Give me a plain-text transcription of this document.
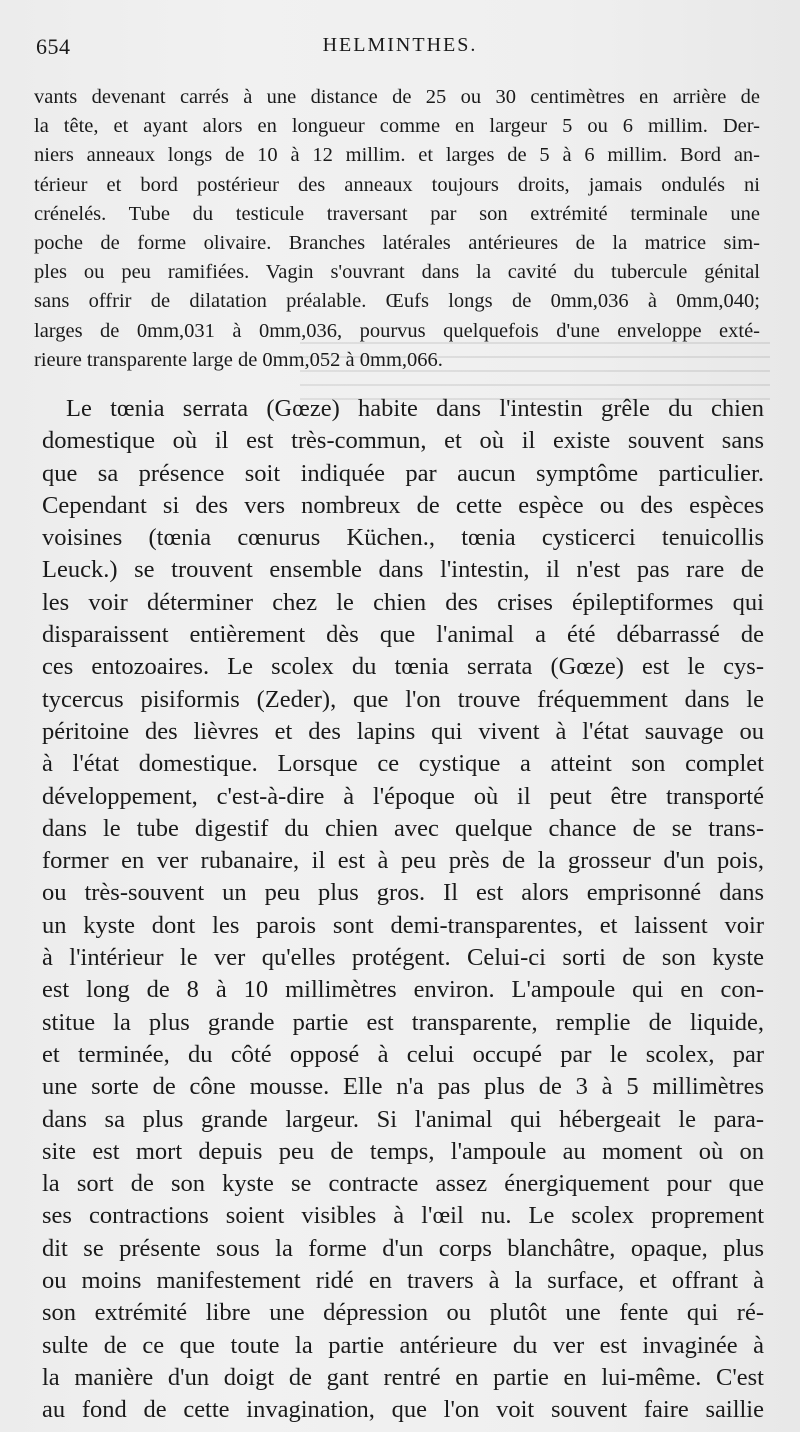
654	HELMINTHES.
vants devenant carrés à une distance de 25 ou 30 centimètres en arrière de
la tête, et ayant alors en longueur comme en largeur 5 ou 6 millim. Der-
niers anneaux longs de 10 à 12 millim. et larges de 5 à 6 millim. Bord an-
térieur et bord postérieur des anneaux toujours droits, jamais ondulés ni
crénelés. Tube du testicule traversant par son extrémité terminale une
poche de forme olivaire. Branches latérales antérieures de la matrice sim-
ples ou peu ramifiées. Vagin s'ouvrant dans la cavité du tubercule génital
sans offrir de dilatation préalable. Œufs longs de 0mm,036 à 0mm,040;
larges de 0mm,031 à 0mm,036, pourvus quelquefois d'une enveloppe exté-
rieure transparente large de 0mm,052 à 0mm,066.
Le tœnia serrata (Gœze) habite dans l'intestin grêle du chien
domestique où il est très-commun, et où il existe souvent sans
que sa présence soit indiquée par aucun symptôme particulier.
Cependant si des vers nombreux de cette espèce ou des espèces
voisines (tœnia cœnurus Küchen., tœnia cysticerci tenuicollis
Leuck.) se trouvent ensemble dans l'intestin, il n'est pas rare de
les voir déterminer chez le chien des crises épileptiformes qui
disparaissent entièrement dès que l'animal a été débarrassé de
ces entozoaires. Le scolex du tœnia serrata (Gœze) est le cys-
tycercus pisiformis (Zeder), que l'on trouve fréquemment dans le
péritoine des lièvres et des lapins qui vivent à l'état sauvage ou
à l'état domestique. Lorsque ce cystique a atteint son complet
développement, c'est-à-dire à l'époque où il peut être transporté
dans le tube digestif du chien avec quelque chance de se trans-
former en ver rubanaire, il est à peu près de la grosseur d'un pois,
ou très-souvent un peu plus gros. Il est alors emprisonné dans
un kyste dont les parois sont demi-transparentes, et laissent voir
à l'intérieur le ver qu'elles protégent. Celui-ci sorti de son kyste
est long de 8 à 10 millimètres environ. L'ampoule qui en con-
stitue la plus grande partie est transparente, remplie de liquide,
et terminée, du côté opposé à celui occupé par le scolex, par
une sorte de cône mousse. Elle n'a pas plus de 3 à 5 millimètres
dans sa plus grande largeur. Si l'animal qui hébergeait le para-
site est mort depuis peu de temps, l'ampoule au moment où on
la sort de son kyste se contracte assez énergiquement pour que
ses contractions soient visibles à l'œil nu. Le scolex proprement
dit se présente sous la forme d'un corps blanchâtre, opaque, plus
ou moins manifestement ridé en travers à la surface, et offrant à
son extrémité libre une dépression ou plutôt une fente qui ré-
sulte de ce que toute la partie antérieure du ver est invaginée à
la manière d'un doigt de gant rentré en partie en lui-même. C'est
au fond de cette invagination, que l'on voit souvent faire saillie
